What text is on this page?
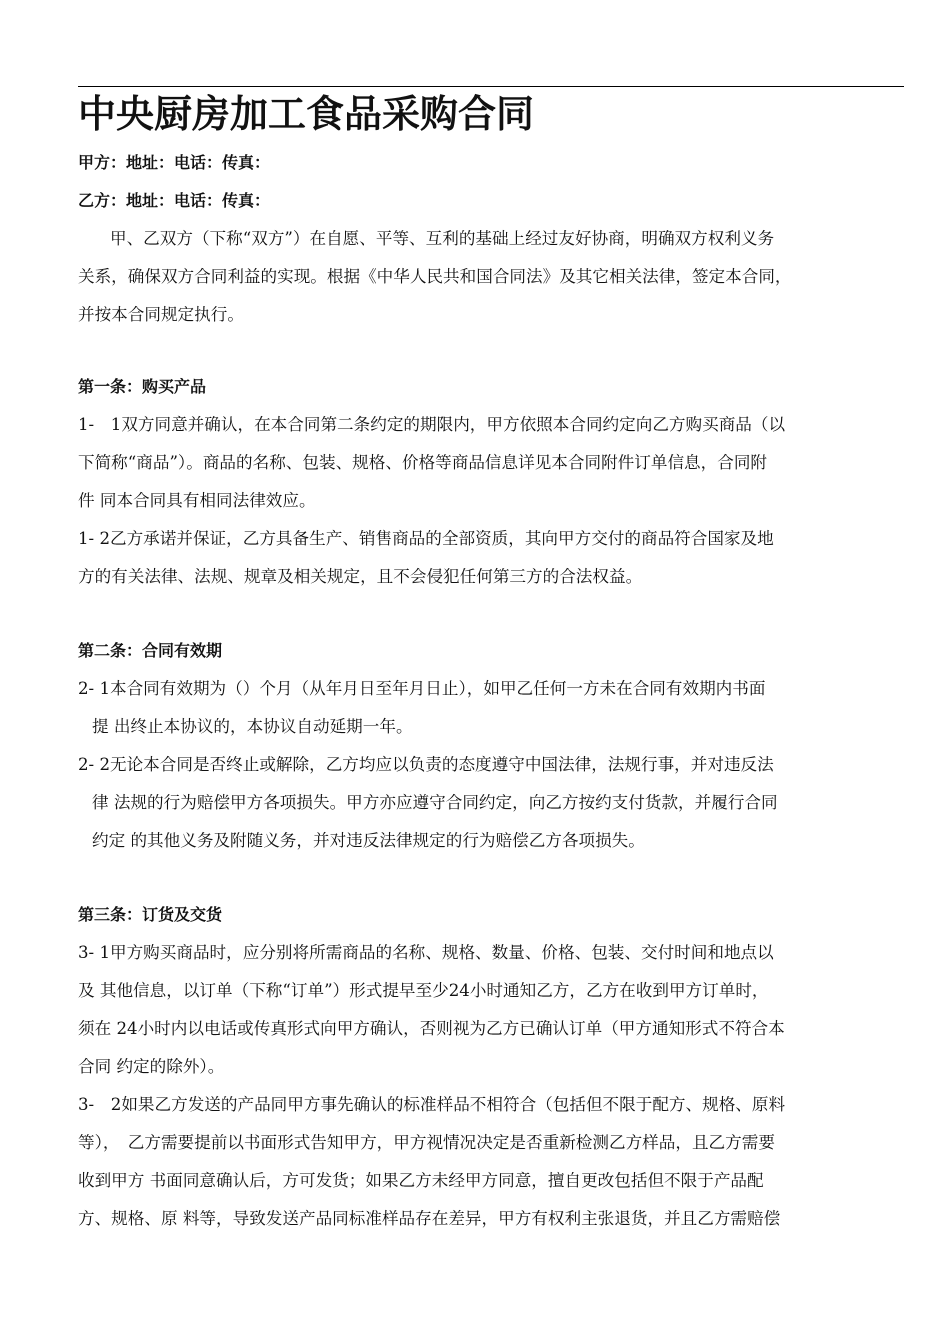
中央厨房加工食品采购合同
甲方：地址：电话：传真：
乙方：地址：电话：传真：
甲、乙双方（下称“双方”）在自愿、平等、互利的基础上经过友好协商，明确双方权利义务
关系，确保双方合同利益的实现。根据《中华人民共和国合同法》及其它相关法律，签定本合同，
并按本合同规定执行。
第一条：购买产品
1-　1双方同意并确认，在本合同第二条约定的期限内，甲方依照本合同约定向乙方购买商品（以
下简称“商品”）。商品的名称、包装、规格、价格等商品信息详见本合同附件订单信息，合同附
件 同本合同具有相同法律效应。
1- 2乙方承诺并保证，乙方具备生产、销售商品的全部资质，其向甲方交付的商品符合国家及地
方的有关法律、法规、规章及相关规定，且不会侵犯任何第三方的合法权益。
第二条：合同有效期
2- 1本合同有效期为（）个月（从年月日至年月日止），如甲乙任何一方未在合同有效期内书面
提 出终止本协议的，本协议自动延期一年。
2- 2无论本合同是否终止或解除，乙方均应以负责的态度遵守中国法律，法规行事，并对违反法
律 法规的行为赔偿甲方各项损失。甲方亦应遵守合同约定，向乙方按约支付货款，并履行合同
约定 的其他义务及附随义务，并对违反法律规定的行为赔偿乙方各项损失。
第三条：订货及交货
3- 1甲方购买商品时，应分别将所需商品的名称、规格、数量、价格、包装、交付时间和地点以
及 其他信息，以订单（下称“订单”）形式提早至少24小时通知乙方，乙方在收到甲方订单时，
须在 24小时内以电话或传真形式向甲方确认，否则视为乙方已确认订单（甲方通知形式不符合本
合同 约定的除外）。
3-　2如果乙方发送的产品同甲方事先确认的标准样品不相符合（包括但不限于配方、规格、原料
等），　乙方需要提前以书面形式告知甲方，甲方视情况决定是否重新检测乙方样品，且乙方需要
收到甲方 书面同意确认后，方可发货；如果乙方未经甲方同意，擅自更改包括但不限于产品配
方、规格、原 料等，导致发送产品同标准样品存在差异，甲方有权利主张退货，并且乙方需赔偿
